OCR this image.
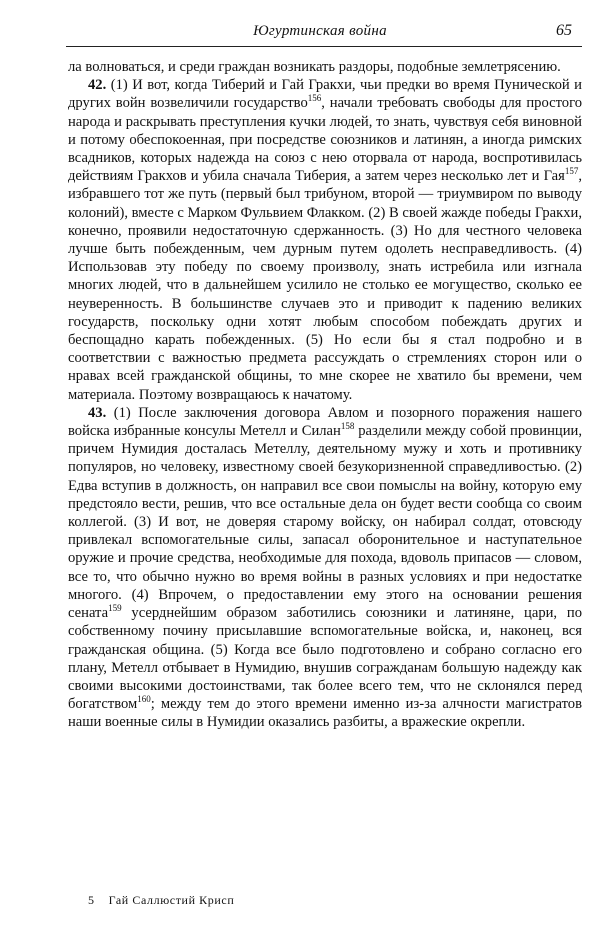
Югуртинская война	65

ла волноваться, и среди граждан возникать раздоры, подобные землетрясению.

42. (1) И вот, когда Тиберий и Гай Гракхи, чьи предки во время Пунической и других войн возвеличили государство$^{156}$, начали требовать свободы для простого народа и раскрывать преступления кучки людей, то знать, чувствуя себя виновной и потому обеспокоенная, при посредстве союзников и латинян, а иногда римских всадников, которых надежда на союз с нею оторвала от народа, воспротивилась действиям Гракхов и убила сначала Тиберия, а затем через несколько лет и Гая$^{157}$, избравшего тот же путь (первый был трибуном, второй — триумвиром по выводу колоний), вместе с Марком Фульвием Флакком. (2) В своей жажде победы Гракхи, конечно, проявили недостаточную сдержанность. (3) Но для честного человека лучше быть побежденным, чем дурным путем одолеть несправедливость. (4) Использовав эту победу по своему произволу, знать истребила или изгнала многих людей, что в дальнейшем усилило не столько ее могущество, сколько ее неуверенность. В большинстве случаев это и приводит к падению великих государств, поскольку одни хотят любым способом побеждать других и беспощадно карать побежденных. (5) Но если бы я стал подробно и в соответствии с важностью предмета рассуждать о стремлениях сторон или о нравах всей гражданской общины, то мне скорее не хватило бы времени, чем материала. Поэтому возвращаюсь к начатому.

43. (1) После заключения договора Авлом и позорного поражения нашего войска избранные консулы Метелл и Силан$^{158}$ разделили между собой провинции, причем Нумидия досталась Метеллу, деятельному мужу и хоть и противнику популяров, но человеку, известному своей безукоризненной справедливостью. (2) Едва вступив в должность, он направил все свои помыслы на войну, которую ему предстояло вести, решив, что все остальные дела он будет вести сообща со своим коллегой. (3) И вот, не доверяя старому войску, он набирал солдат, отовсюду привлекал вспомогательные силы, запасал оборонительное и наступательное оружие и прочие средства, необходимые для похода, вдоволь припасов — словом, все то, что обычно нужно во время войны в разных условиях и при недостатке многого. (4) Впрочем, о предоставлении ему этого на основании решения сената$^{159}$ усерднейшим образом заботились союзники и латиняне, цари, по собственному почину присылавшие вспомогательные войска, и, наконец, вся гражданская община. (5) Когда все было подготовлено и собрано согласно его плану, Метелл отбывает в Нумидию, внушив согражданам большую надежду как своими высокими достоинствами, так более всего тем, что не склонялся перед богатством$^{160}$; между тем до этого времени именно из-за алчности магистратов наши военные силы в Нумидии оказались разбиты, а вражеские окрепли.

5 Гай Саллюстий Крисп
